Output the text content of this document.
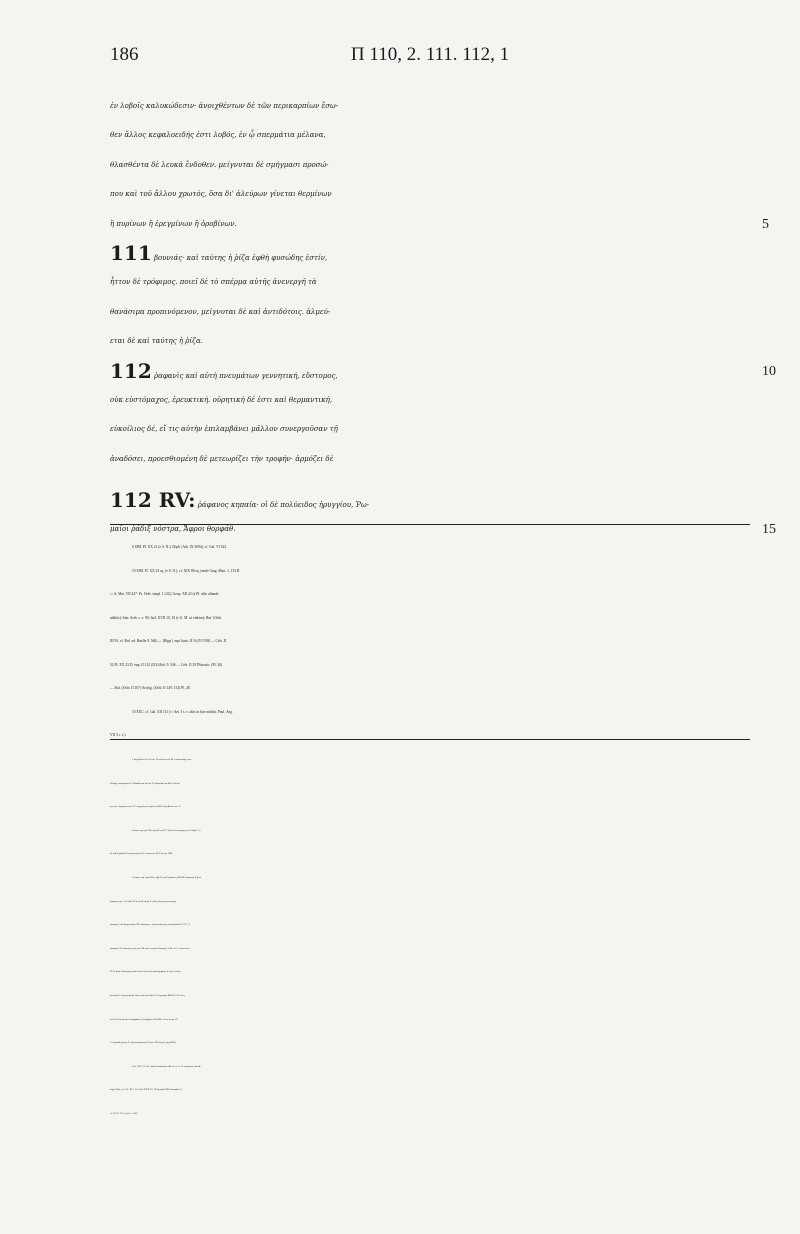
186	Π 110, 2. 111. 112, 1
ἐν λοβοῖς καλυκώδεσιν· ἀνοιχθέντων δὲ τῶν περικαρπίων ἔσω-
θεν ἄλλος κεφαλοειδής ἐστι λοβός, ἐν ᾧ σπερμάτια μέλανα,
θλασθέντα δὲ λευκὰ ἔνδοθεν. μείγνυται δὲ σμήγμασι προσώ-
που καὶ τοῦ ἄλλου χρωτός, ὅσα δι' ἀλεύρων γίνεται θερμίνων
ἢ πυρίνων ἢ ἐρεγμίνων ἢ ὀροβίνων.	5
111 βουνιάς· καὶ ταύτης ἡ ῥίζα ἑφθὴ φυσώδης ἐστίν,
ἧττον δὲ τρόφιμος. ποιεῖ δὲ τὸ σπέρμα αὐτῆς ἀνενεργῆ τὰ
θανάσιμα προπινόμενον, μείγνυται δὲ καὶ ἀντιδότοις. ἁλμεύ-
εται δὲ καὶ ταύτης ἡ ῥίζα.
112 ῥαφανὶς καὶ αὐτὴ πνευμάτων γεννητική, εὔστομος,	10
οὐκ εὐστόμαχος, ἐρευκτική. οὐρητικὴ δέ ἐστι καὶ θερμαντική,
εὐκοίλιος δέ, εἴ τις αὐτὴν ἐπιλαμβάνει μᾶλλον συνεργοῦσαν τῇ
ἀναδόσει, προεσθιομένη δὲ μετεωρίζει τὴν τροφήν· ἁρμόζει δὲ
112 RV: ῥάφανος κηπαία· οἱ δὲ πολύειδος ἠρυγγίου, Ῥω-
μαῖοι ῥάδιξ νόστρα, Ἄφροι θορφάθ.	15
6 SIM. Pl. XX 21 (e S. N.); Diph. (Ath. IX 369d), cf. Gal. VI 622.
10 SIM. Pl. XX 23 sq. (e S. N.), cf. XIX 80 sq. (unde Garg. Mart. 1, 133 R
∾ A. Mai. VII 427. Ps. Orib. simpl. I 122); Geop. XII 22 (e Pl. aliis aliunde
additis); Sim. Seth. s. v. 90; Isid. XVII 10, 10 (e G. M. ut videtur); Ruf. (Orib.
III 93, cf. Ruf. ed. Ruelle 9. 546) — [Hipp.] περὶ διαίτ. II 54 (VI 558) — Cels. II
32 Pl. XX 23 D. eup. II 112 (312) Ruf. 9. 546 — Cels. II 29 Plistonic. (Pl. 26)
— Ruf. (Orib. II 107) Archig. (Orib. II 149. 152) Pl. 28.
10 EXC. cf. Gal. XII 111 (∾ Aet. I s. v. aliis in fine additis, Paul. Aeg.
VII 3 s. v.).
1 ἀνυχθέντων E δὲ om. H τούτων τῶν Di 2 φακοειδής coni.
Scaliger σπέρματα E 3 θλασθέντα δὲ om. H: θραυσθέντα EDi 4 ἀλεύ-
ρου γίν. θερμίνου κτλ. E 5 ἐρεγμίνων] αἰρίνων QDi ἢ ὀροβίνων om. E
6 num. cap. ρα FDi: σμα H: ριθ E 7 ἧττον δὲ τρόφιμος] cf. Diph. l. s.
δὲ (alt.)] γὰρ Di 8 προπινομένη E: πινόμενον Di 9 δὲ om. HDi
10 num. cap. σμα FDi: σμβ H: ρκ E ῥάφανος RDiDl: ῥέφανος E post
ῥαφανὶς syn. e R add. Di δὲ καὶ E αὐτὴ F: αὕτη Di post γεννητική
transpos. καὶ θερμαντική CDi εὔστομος—ἐρευκτική om. post βοηθεῖ (S. 187, 7)
transpos. Q: εὔστομος οὐκ om. Dl: ante et post εὔστομος 3 litt. del. et οὐκ inser.
E² 11 post εὐστόμαχος add. ἔνιοι δὲ τὰ ἐναντία ἔγραψαν E (var. lectio)
ῥευτική V: ἐρευκτική δέ ἐστιν καὶ (οὐκ add. C) οὐρητική REDi 12 δὲ εἴ τις
κτλ.] δεῖ δὲ αὐτὴν ἐπιλαμβάνειν (λαμβάνειν R) RDi: εἴ τις in ras. E²
13 προσθειομένη V: προσεσθιομένη E (corr. E²) δὲ pr.] γὰρ REDi
14 C 283ᵛ: N 131 (radix domestica add. m. rec.) 15 νοστρατα (τα dit-
togr.) libri, cf. Col. XI 3, 18. Isid. XVII 10, 10 θορφαθ NDi: θορφαθε C,
cf. D. IV 175, Löw l. s. 407
